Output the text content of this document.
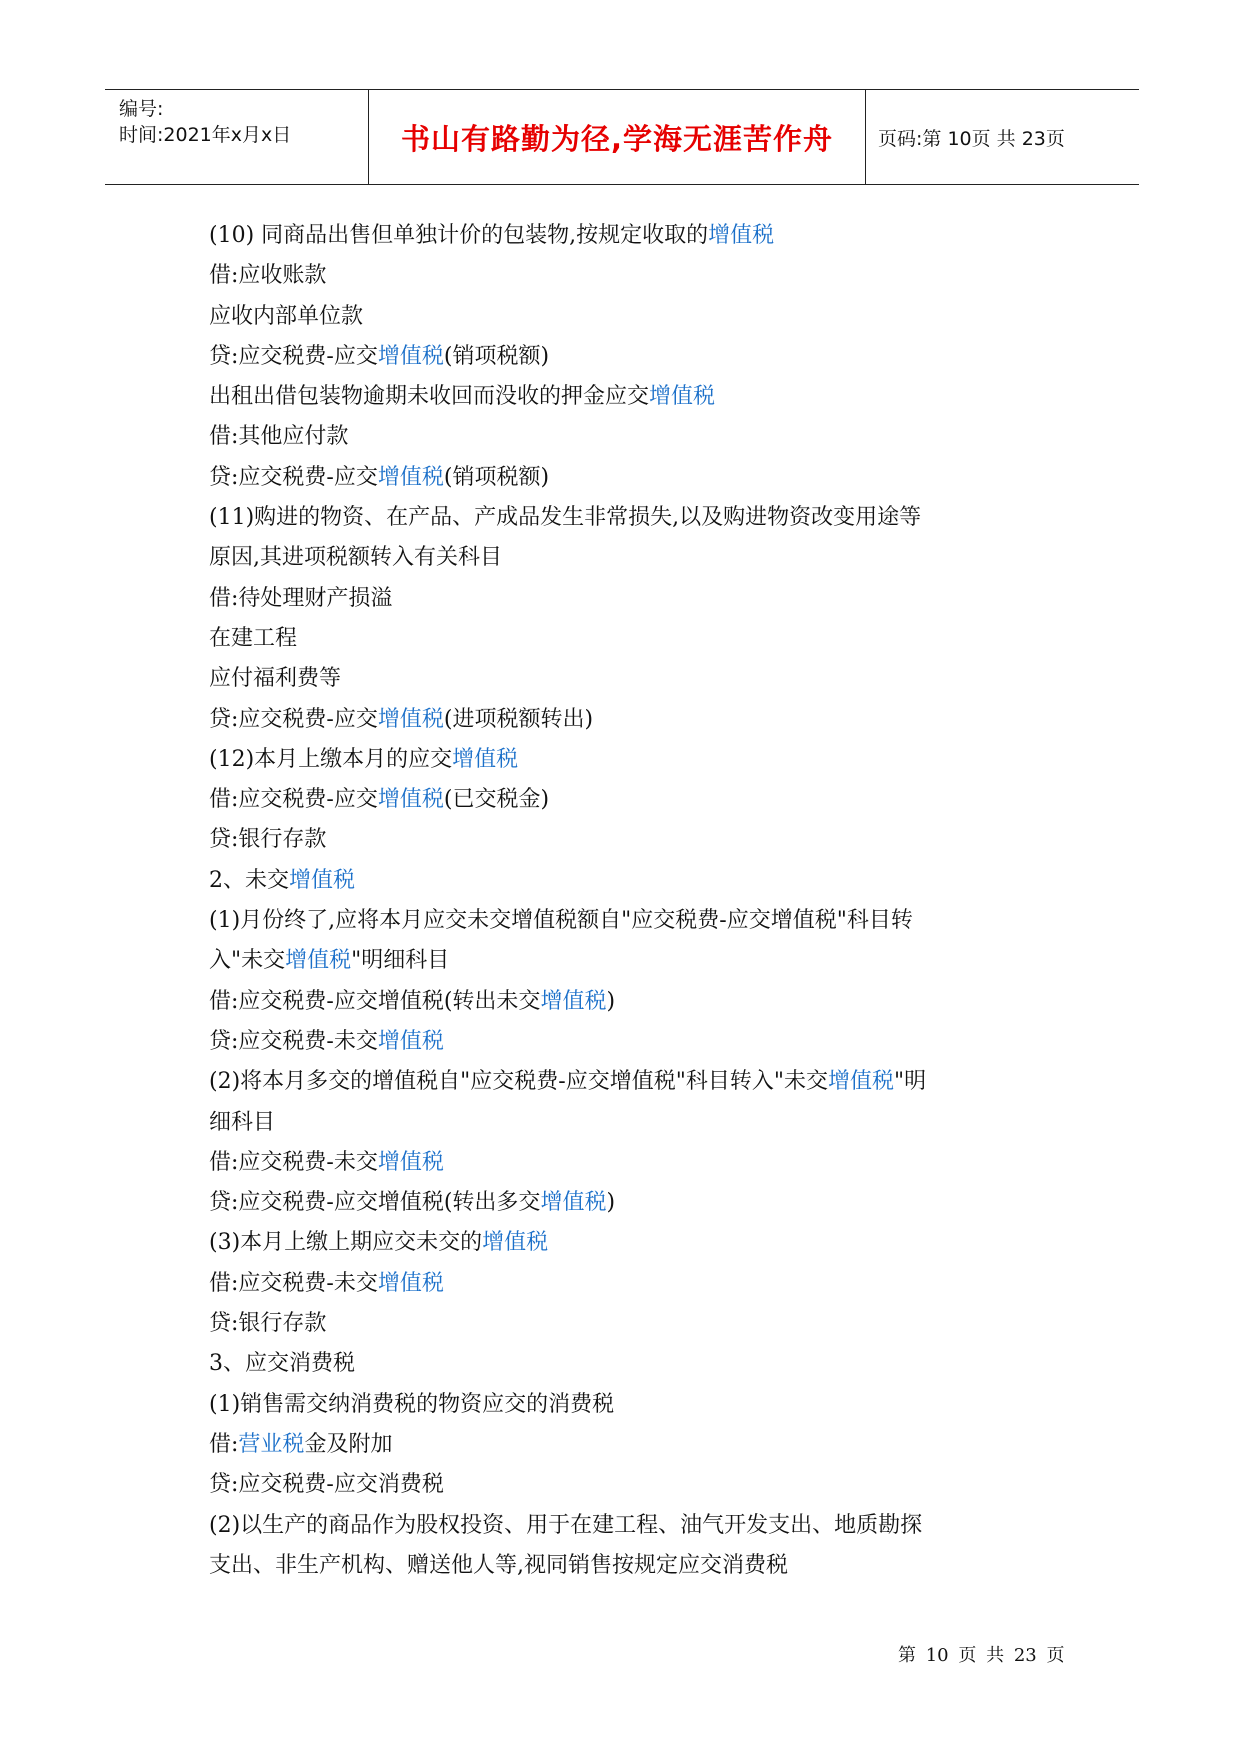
编号:
时间:2021年x月x日	书山有路勤为径,学海无涯苦作舟 页码:第 10页 共 23页
(10) 同商品出售但单独计价的包装物,按规定收取的增值税
借:应收账款
应收内部单位款
贷:应交税费-应交增值税(销项税额)
出租出借包装物逾期未收回而没收的押金应交增值税
借:其他应付款
贷:应交税费-应交增值税(销项税额)
(11)购进的物资、在产品、产成品发生非常损失,以及购进物资改变用途等
原因,其进项税额转入有关科目
借:待处理财产损溢
在建工程
应付福利费等
贷:应交税费-应交增值税(进项税额转出)
(12)本月上缴本月的应交增值税
借:应交税费-应交增值税(已交税金)
贷:银行存款
2、未交增值税
(1)月份终了,应将本月应交未交增值税额自"应交税费-应交增值税"科目转
入"未交增值税"明细科目
借:应交税费-应交增值税(转出未交增值税)
贷:应交税费-未交增值税
(2)将本月多交的增值税自"应交税费-应交增值税"科目转入"未交增值税"明
细科目
借:应交税费-未交增值税
贷:应交税费-应交增值税(转出多交增值税)
(3)本月上缴上期应交未交的增值税
借:应交税费-未交增值税
贷:银行存款
3、应交消费税
(1)销售需交纳消费税的物资应交的消费税
借:营业税金及附加
贷:应交税费-应交消费税
(2)以生产的商品作为股权投资、用于在建工程、油气开发支出、地质勘探
支出、非生产机构、赠送他人等,视同销售按规定应交消费税
第 10 页 共 23 页
